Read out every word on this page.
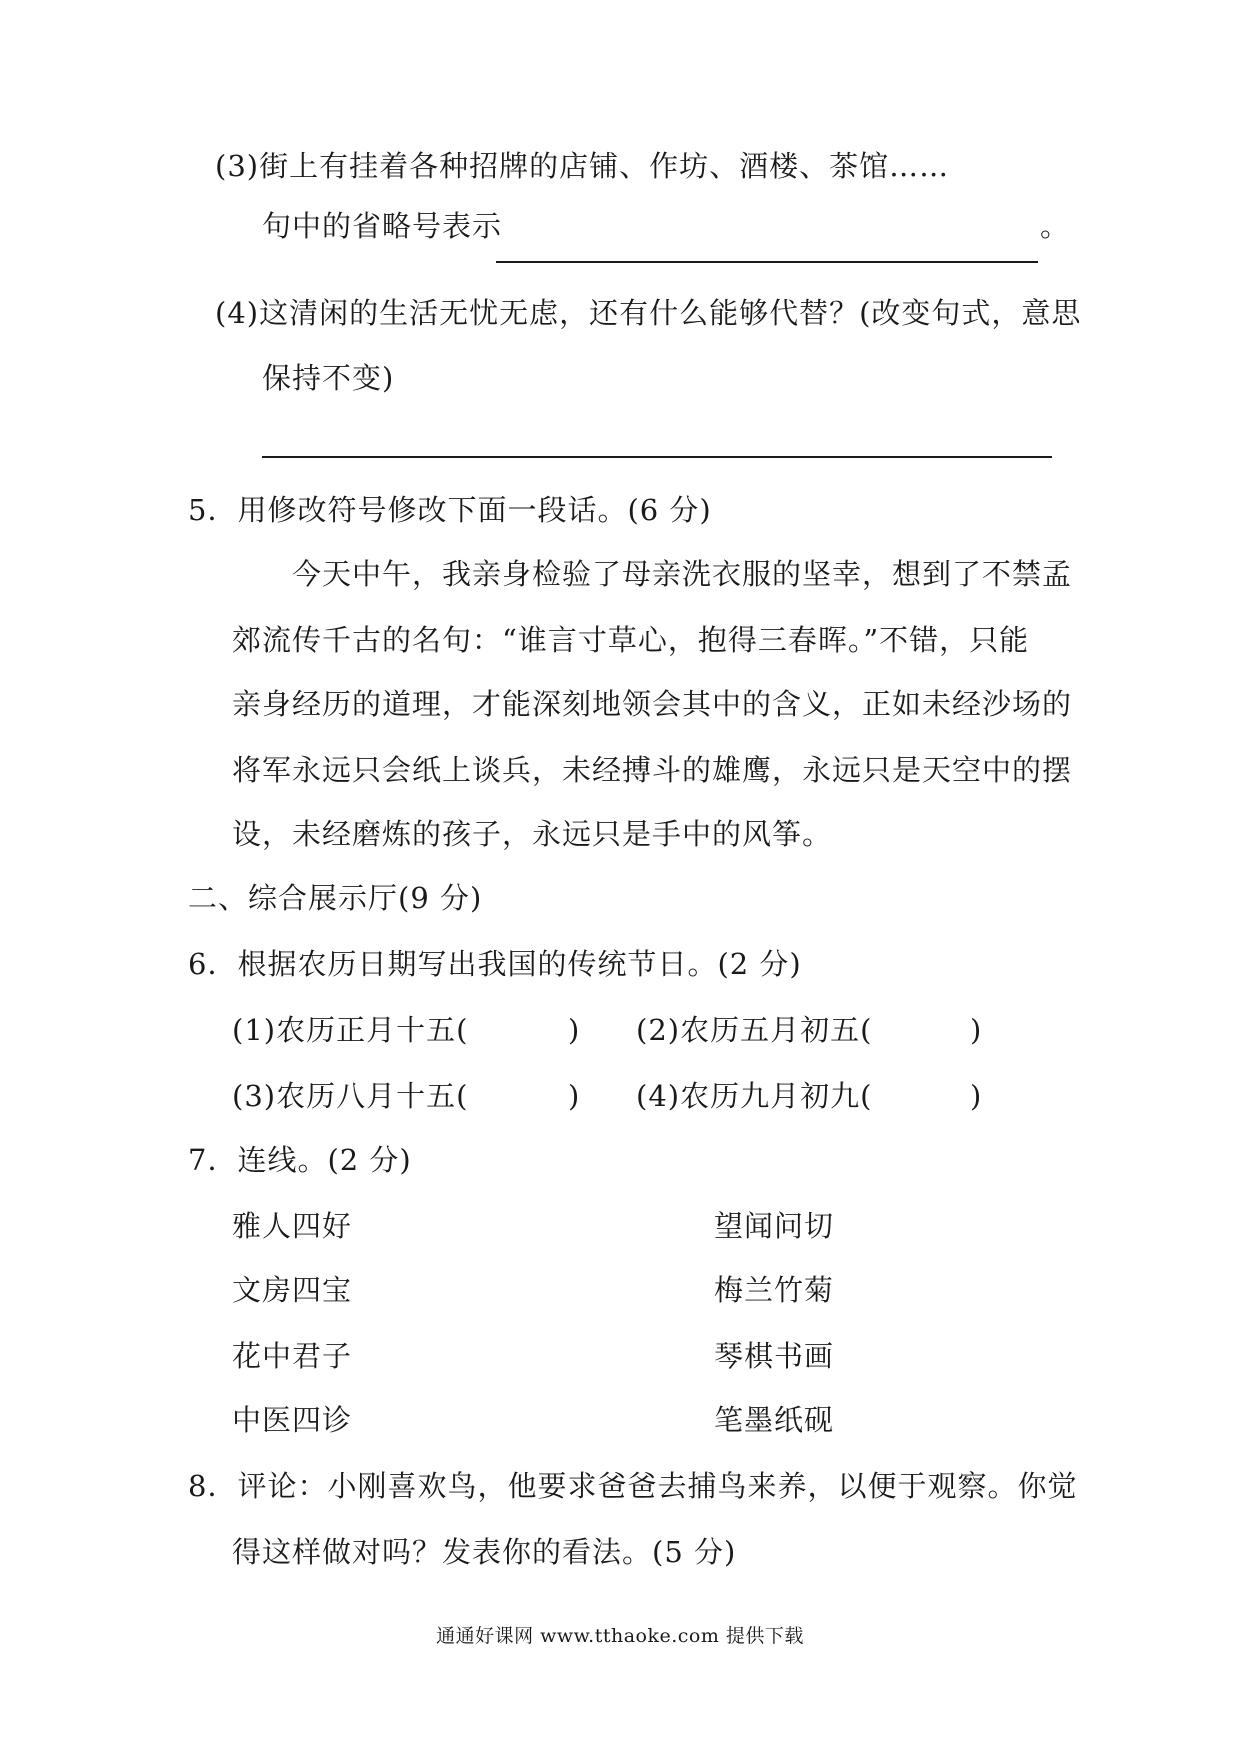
(3)街上有挂着各种招牌的店铺、作坊、酒楼、茶馆……
句中的省略号表示	。
(4)这清闲的生活无忧无虑，还有什么能够代替？(改变句式，意思
保持不变)
5．用修改符号修改下面一段话。(6 分)
今天中午，我亲身检验了母亲洗衣服的坚幸，想到了不禁孟
郊流传千古的名句：“谁言寸草心，抱得三春晖。”不错，只能
亲身经历的道理，才能深刻地领会其中的含义，正如未经沙场的
将军永远只会纸上谈兵，未经搏斗的雄鹰，永远只是天空中的摆
设，未经磨炼的孩子，永远只是手中的风筝。
二、综合展示厅(9 分)
6．根据农历日期写出我国的传统节日。(2 分)
(1)农历正月十五(	) (2)农历五月初五(	)
(3)农历八月十五(	) (4)农历九月初九(	)
7．连线。(2 分)
雅人四好	望闻问切
文房四宝	梅兰竹菊
花中君子	琴棋书画
中医四诊	笔墨纸砚
8．评论：小刚喜欢鸟，他要求爸爸去捕鸟来养，以便于观察。你觉
得这样做对吗？发表你的看法。(5 分)
通通好课网 www.tthaoke.com 提供下载
